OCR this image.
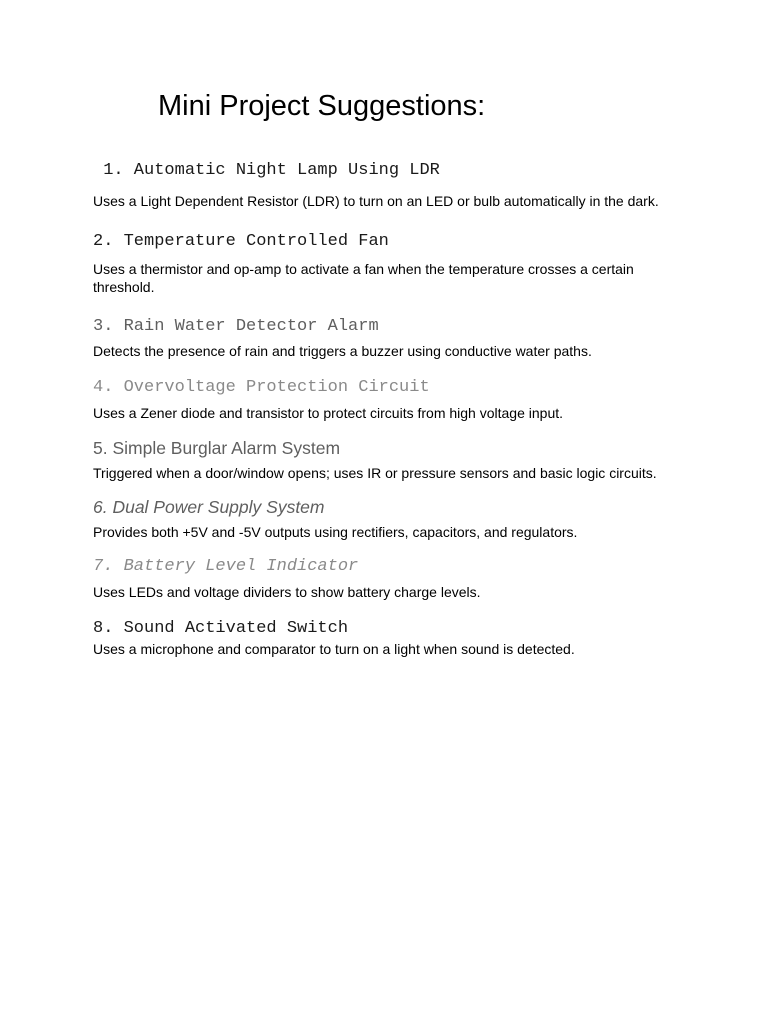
Mini Project Suggestions:
1. Automatic Night Lamp Using LDR

Uses a Light Dependent Resistor (LDR) to turn on an LED or bulb automatically in the dark.

2. Temperature Controlled Fan

Uses a thermistor and op-amp to activate a fan when the temperature crosses a certain threshold.

3. Rain Water Detector Alarm

Detects the presence of rain and triggers a buzzer using conductive water paths.

4. Overvoltage Protection Circuit

Uses a Zener diode and transistor to protect circuits from high voltage input.

5. Simple Burglar Alarm System

Triggered when a door/window opens; uses IR or pressure sensors and basic logic circuits.

6. Dual Power Supply System

Provides both +5V and -5V outputs using rectifiers, capacitors, and regulators.

7. Battery Level Indicator

Uses LEDs and voltage dividers to show battery charge levels.

8. Sound Activated Switch

Uses a microphone and comparator to turn on a light when sound is detected.
